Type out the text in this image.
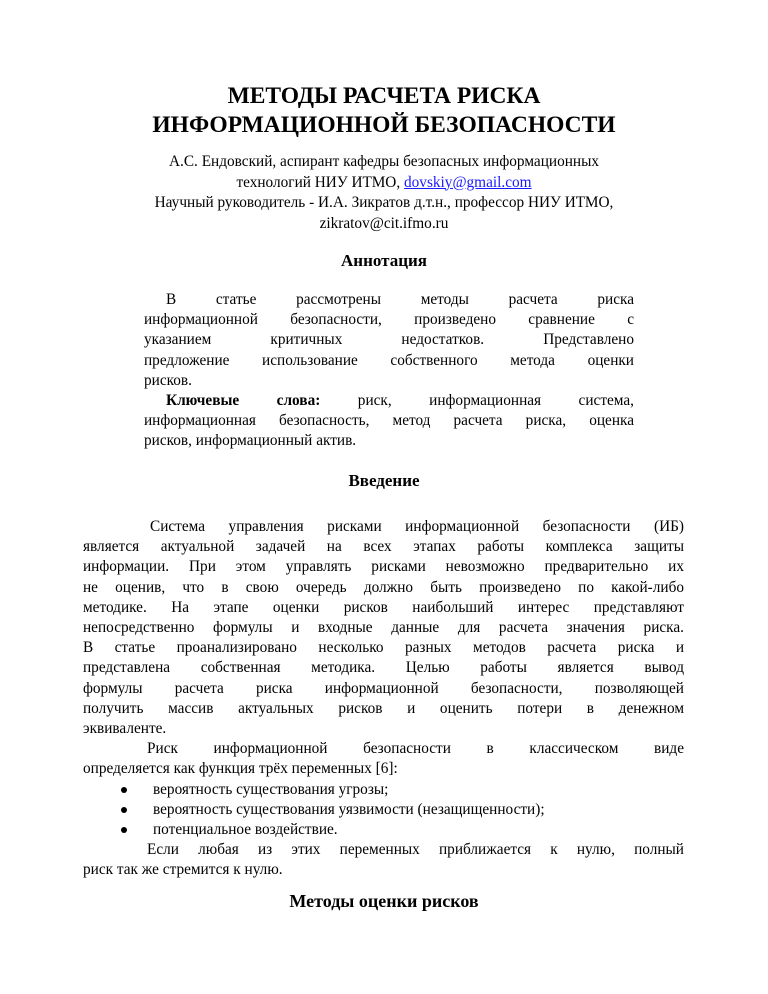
МЕТОДЫ РАСЧЕТА РИСКА
ИНФОРМАЦИОННОЙ БЕЗОПАСНОСТИ
А.С. Ендовский, аспирант кафедры безопасных информационных
технологий НИУ ИТМО, dovskiy@gmail.com
Научный руководитель - И.А. Зикратов д.т.н., профессор НИУ ИТМО,
zikratov@cit.ifmo.ru
Аннотация
В статье рассмотрены методы расчета риска
информационной безопасности, произведено сравнение с
указанием критичных недостатков. Представлено
предложение использование собственного метода оценки
рисков.
Ключевые слова: риск, информационная система,
информационная безопасность, метод расчета риска, оценка
рисков, информационный актив.
Введение
Система управления рисками информационной безопасности (ИБ)
является актуальной задачей на всех этапах работы комплекса защиты
информации. При этом управлять рисками невозможно предварительно их
не оценив, что в свою очередь должно быть произведено по какой-либо
методике. На этапе оценки рисков наибольший интерес представляют
непосредственно формулы и входные данные для расчета значения риска.
В статье проанализировано несколько разных методов расчета риска и
представлена собственная методика. Целью работы является вывод
формулы расчета риска информационной безопасности, позволяющей
получить массив актуальных рисков и оценить потери в денежном
эквиваленте.
Риск информационной безопасности в классическом виде
определяется как функция трёх переменных [6]:
вероятность существования угрозы;
вероятность существования уязвимости (незащищенности);
потенциальное воздействие.
Если любая из этих переменных приближается к нулю, полный
риск так же стремится к нулю.
Методы оценки рисков
